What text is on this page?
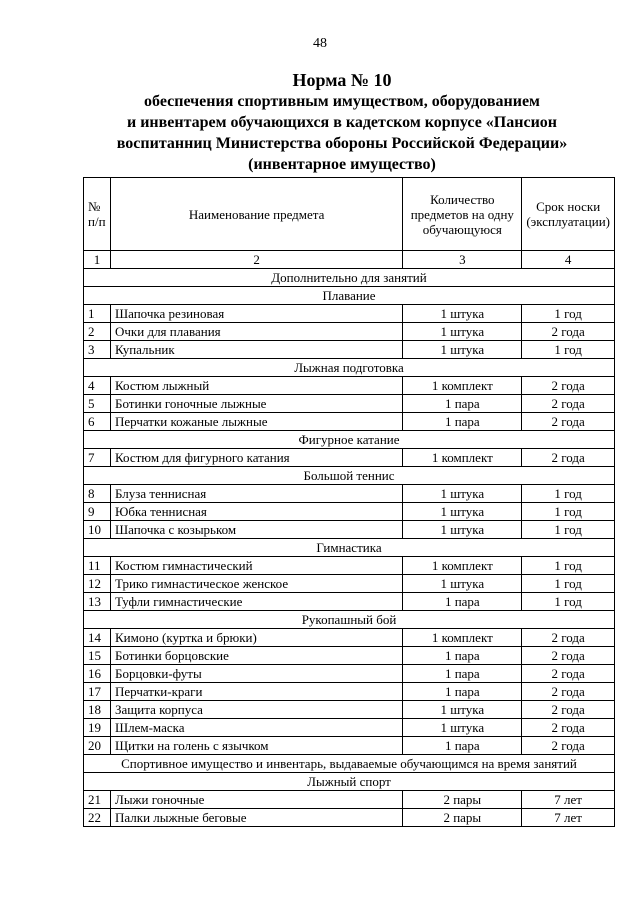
48
Норма № 10
обеспечения спортивным имуществом, оборудованием
и инвентарем обучающихся в кадетском корпусе «Пансион
воспитанниц Министерства обороны Российской Федерации»
(инвентарное имущество)
№ п/п	Наименование предмета	Количество предметов на одну обучающуюся	Срок носки (эксплуатации)
1	2	3	4
Дополнительно для занятий			
Плавание			
1	Шапочка резиновая	1 штука	1 год
2	Очки для плавания	1 штука	2 года
3	Купальник	1 штука	1 год
Лыжная подготовка			
4	Костюм лыжный	1 комплект	2 года
5	Ботинки гоночные лыжные	1 пара	2 года
6	Перчатки кожаные лыжные	1 пара	2 года
Фигурное катание			
7	Костюм для фигурного катания	1 комплект	2 года
Большой теннис			
8	Блуза теннисная	1 штука	1 год
9	Юбка теннисная	1 штука	1 год
10	Шапочка с козырьком	1 штука	1 год
Гимнастика			
11	Костюм гимнастический	1 комплект	1 год
12	Трико гимнастическое женское	1 штука	1 год
13	Туфли гимнастические	1 пара	1 год
Рукопашный бой			
14	Кимоно (куртка и брюки)	1 комплект	2 года
15	Ботинки борцовские	1 пара	2 года
16	Борцовки-футы	1 пара	2 года
17	Перчатки-краги	1 пара	2 года
18	Защита корпуса	1 штука	2 года
19	Шлем-маска	1 штука	2 года
20	Щитки на голень с язычком	1 пара	2 года
Спортивное имущество и инвентарь, выдаваемые обучающимся на время занятий			
Лыжный спорт			
21	Лыжи гоночные	2 пары	7 лет
22	Палки лыжные беговые	2 пары	7 лет
